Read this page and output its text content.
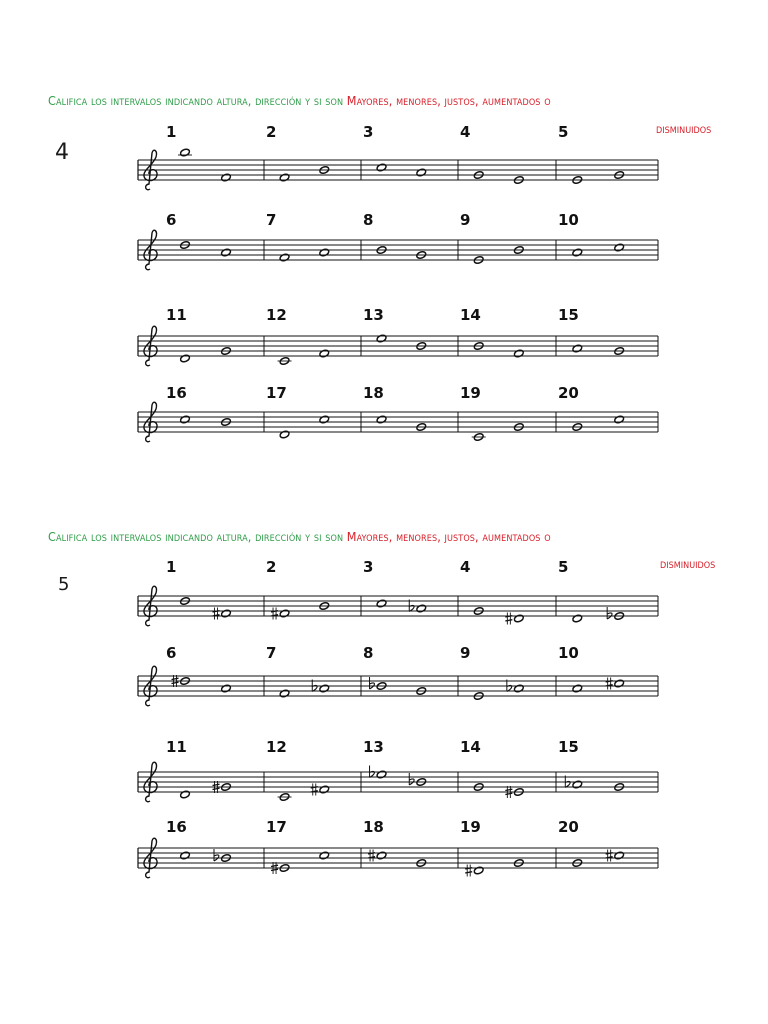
Califica los intervalos indicando altura, dirección y si son Mayores, menores, justos, aumentados o
disminuidos
4
Califica los intervalos indicando altura, dirección y si son Mayores, menores, justos, aumentados o
disminuidos
5
1	2	3	4	5
6	7	8	9	10
11	12	13	14	15
16	17	18	19	20
1	2	3	4	5
6	7	8	9	10
11	12	13	14	15
16	17	18	19	20
